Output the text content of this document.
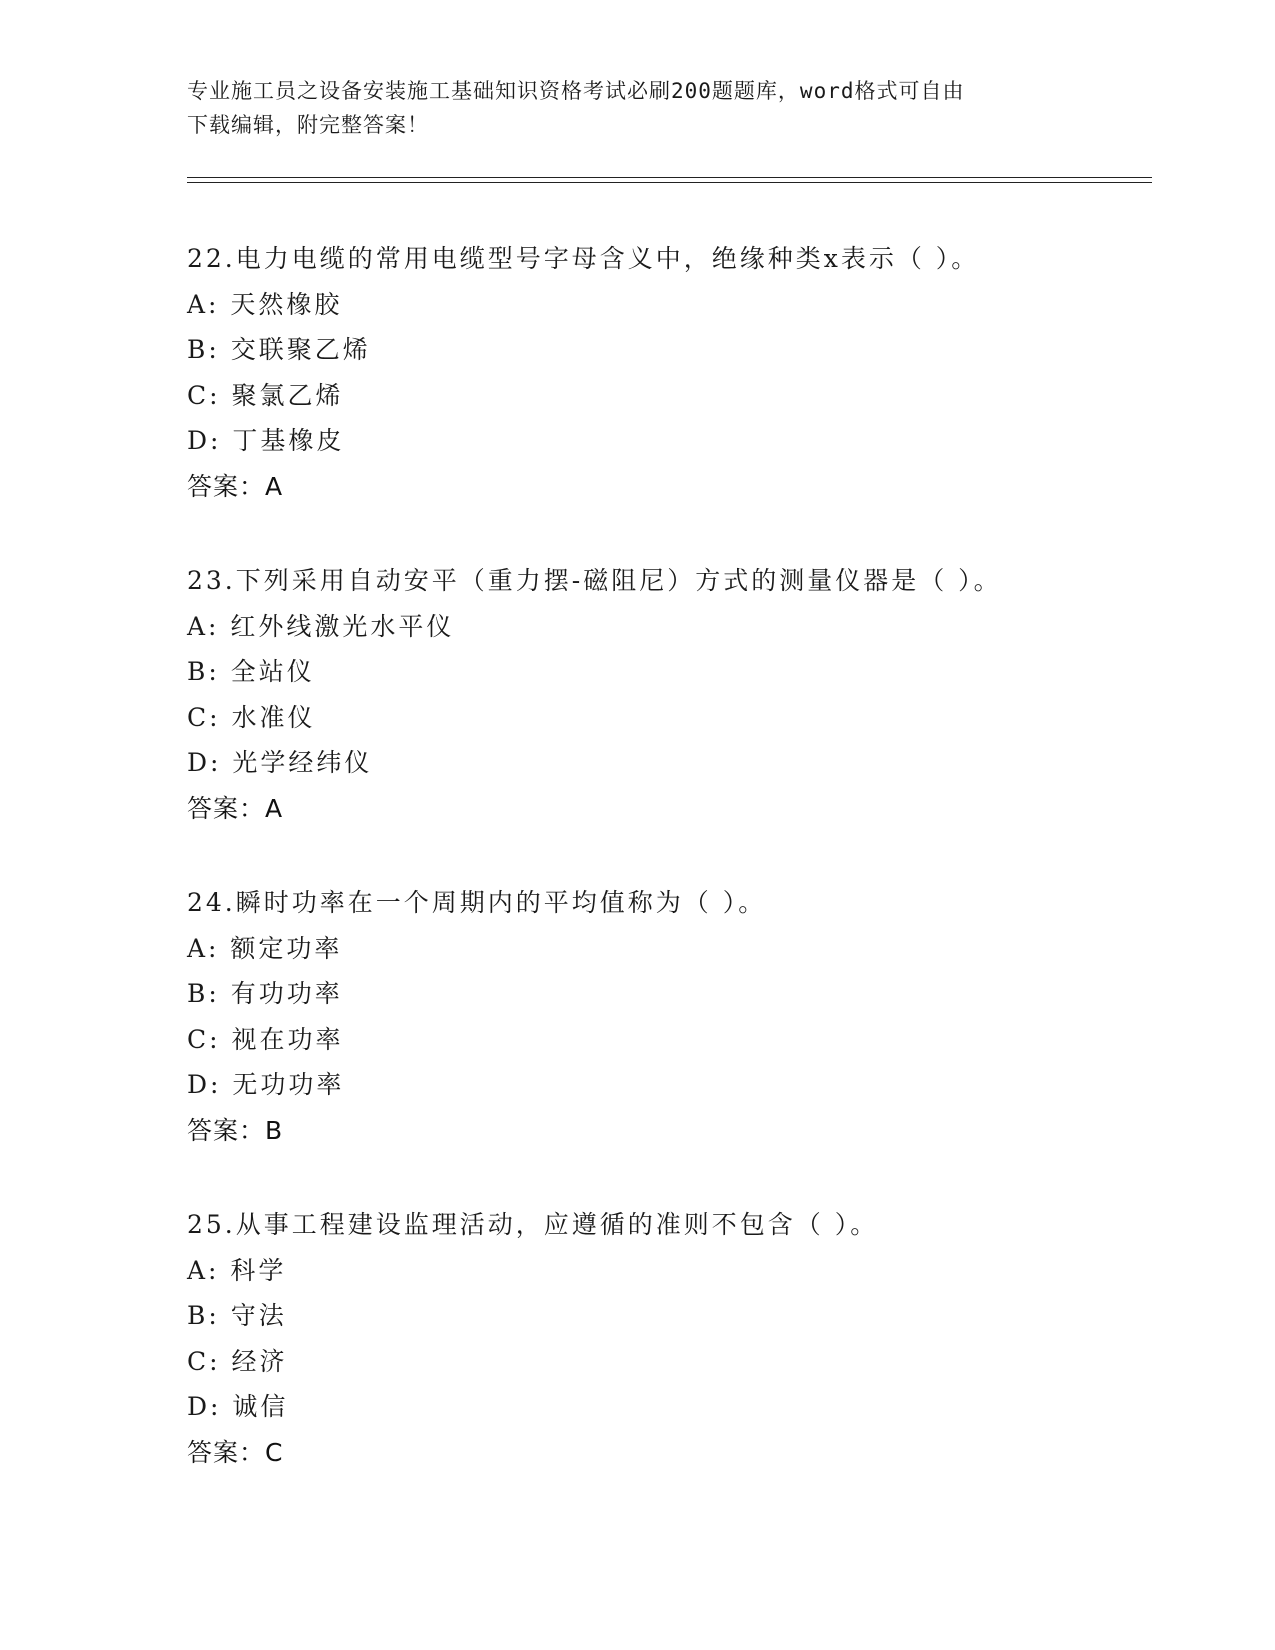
专业施工员之设备安装施工基础知识资格考试必刷200题题库，word格式可自由
下载编辑，附完整答案！
22.电力电缆的常用电缆型号字母含义中，绝缘种类x表示（ ）。
A: 天然橡胶
B: 交联聚乙烯
C: 聚氯乙烯
D: 丁基橡皮
答案：A
23.下列采用自动安平（重力摆-磁阻尼）方式的测量仪器是（ ）。
A: 红外线激光水平仪
B: 全站仪
C: 水准仪
D: 光学经纬仪
答案：A
24.瞬时功率在一个周期内的平均值称为（ ）。
A: 额定功率
B: 有功功率
C: 视在功率
D: 无功功率
答案：B
25.从事工程建设监理活动，应遵循的准则不包含（ ）。
A: 科学
B: 守法
C: 经济
D: 诚信
答案：C
